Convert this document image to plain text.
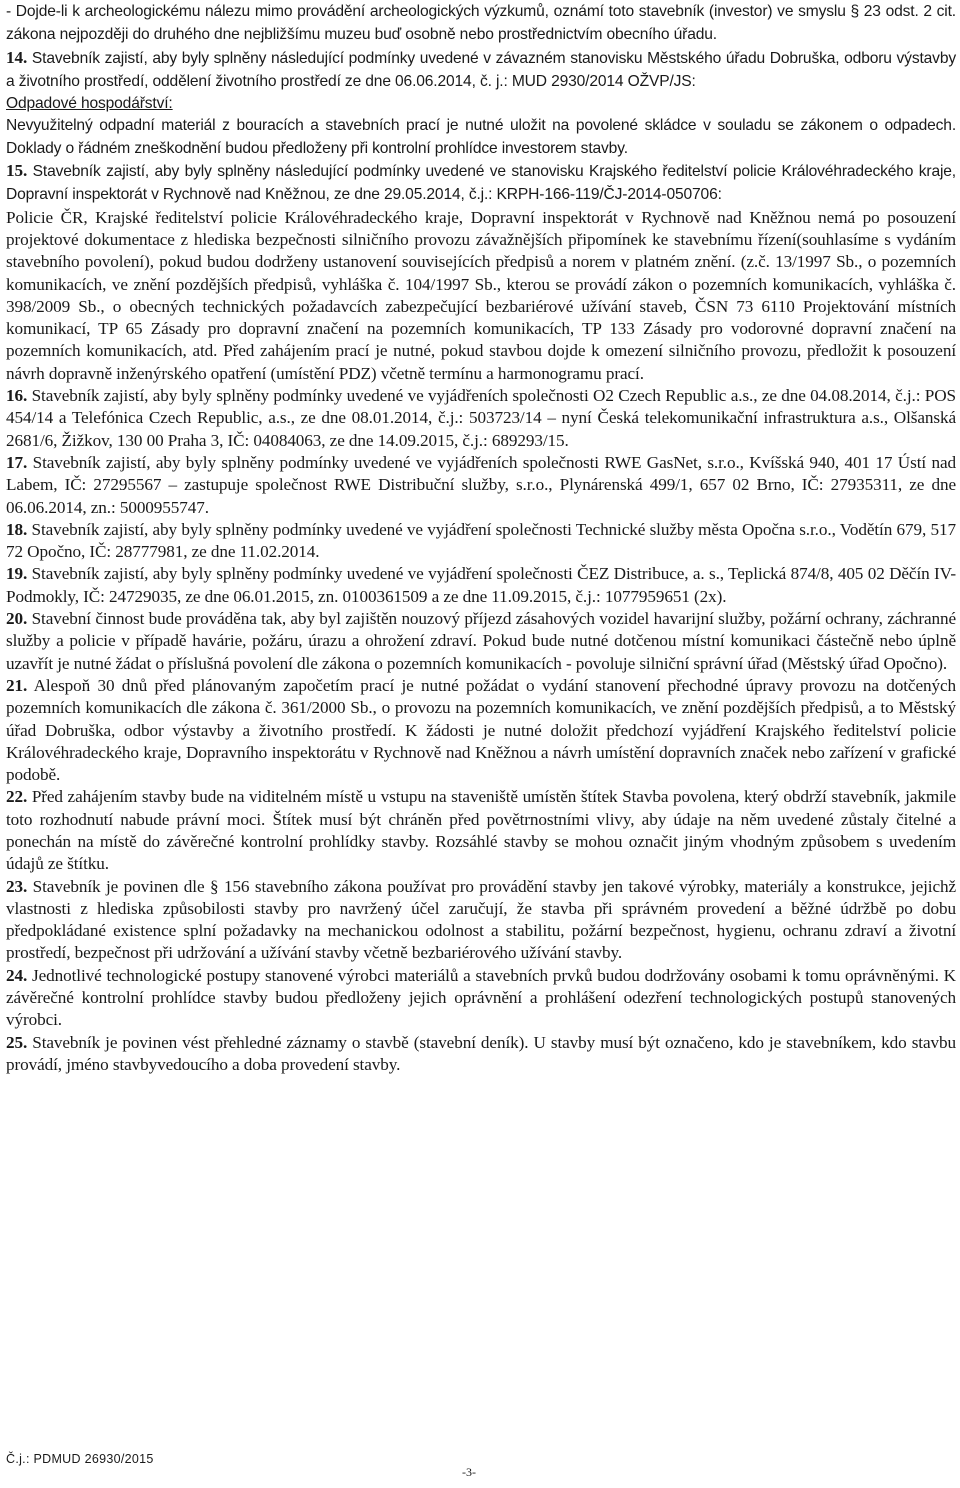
- Dojde-li k archeologickému nálezu mimo provádění archeologických výzkumů, oznámí toto stavebník (investor) ve smyslu § 23 odst. 2 cit. zákona nejpozději do druhého dne nejbližšímu muzeu buď osobně nebo prostřednictvím obecního úřadu.

14. Stavebník zajistí, aby byly splněny následující podmínky uvedené v závazném stanovisku Městského úřadu Dobruška, odboru výstavby a životního prostředí, oddělení životního prostředí ze dne 06.06.2014, č. j.: MUD 2930/2014 OŽVP/JS:

Odpadové hospodářství:

Nevyužitelný odpadní materiál z bouracích a stavebních prací je nutné uložit na povolené skládce v souladu se zákonem o odpadech. Doklady o řádném zneškodnění budou předloženy při kontrolní prohlídce investorem stavby.

15. Stavebník zajistí, aby byly splněny následující podmínky uvedené ve stanovisku Krajského ředitelství policie Královéhradeckého kraje, Dopravní inspektorát v Rychnově nad Kněžnou, ze dne 29.05.2014, č.j.: KRPH-166-119/ČJ-2014-050706:

Policie ČR, Krajské ředitelství policie Královéhradeckého kraje, Dopravní inspektorát v Rychnově nad Kněžnou nemá po posouzení projektové dokumentace z hlediska bezpečnosti silničního provozu závažnějších připomínek ke stavebnímu řízení(souhlasíme s vydáním stavebního povolení), pokud budou dodrženy ustanovení souvisejících předpisů a norem v platném znění. (z.č. 13/1997 Sb., o pozemních komunikacích, ve znění pozdějších předpisů, vyhláška č. 104/1997 Sb., kterou se provádí zákon o pozemních komunikacích, vyhláška č. 398/2009 Sb., o obecných technických požadavcích zabezpečující bezbariérové užívání staveb, ČSN 73 6110 Projektování místních komunikací, TP 65 Zásady pro dopravní značení na pozemních komunikacích, TP 133 Zásady pro vodorovné dopravní značení na pozemních komunikacích, atd. Před zahájením prací je nutné, pokud stavbou dojde k omezení silničního provozu, předložit k posouzení návrh dopravně inženýrského opatření (umístění PDZ) včetně termínu a harmonogramu prací.

16. Stavebník zajistí, aby byly splněny podmínky uvedené ve vyjádřeních společnosti O2 Czech Republic a.s., ze dne 04.08.2014, č.j.: POS 454/14 a Telefónica Czech Republic, a.s., ze dne 08.01.2014, č.j.: 503723/14 – nyní Česká telekomunikační infrastruktura a.s., Olšanská 2681/6, Žižkov, 130 00 Praha 3, IČ: 04084063, ze dne 14.09.2015, č.j.: 689293/15.

17. Stavebník zajistí, aby byly splněny podmínky uvedené ve vyjádřeních společnosti RWE GasNet, s.r.o., Kvíšská 940, 401 17 Ústí nad Labem, IČ: 27295567 – zastupuje společnost RWE Distribuční služby, s.r.o., Plynárenská 499/1, 657 02 Brno, IČ: 27935311, ze dne 06.06.2014, zn.: 5000955747.

18. Stavebník zajistí, aby byly splněny podmínky uvedené ve vyjádření společnosti Technické služby města Opočna s.r.o., Vodětín 679, 517 72 Opočno, IČ: 28777981, ze dne 11.02.2014.

19. Stavebník zajistí, aby byly splněny podmínky uvedené ve vyjádření společnosti ČEZ Distribuce, a. s., Teplická 874/8, 405 02 Děčín IV-Podmokly, IČ: 24729035, ze dne 06.01.2015, zn. 0100361509 a ze dne 11.09.2015, č.j.: 1077959651 (2x).

20. Stavební činnost bude prováděna tak, aby byl zajištěn nouzový příjezd zásahových vozidel havarijní služby, požární ochrany, záchranné služby a policie v případě havárie, požáru, úrazu a ohrožení zdraví. Pokud bude nutné dotčenou místní komunikaci částečně nebo úplně uzavřít je nutné žádat o příslušná povolení dle zákona o pozemních komunikacích - povoluje silniční správní úřad (Městský úřad Opočno).

21. Alespoň 30 dnů před plánovaným započetím prací je nutné požádat o vydání stanovení přechodné úpravy provozu na dotčených pozemních komunikacích dle zákona č. 361/2000 Sb., o provozu na pozemních komunikacích, ve znění pozdějších předpisů, a to Městský úřad Dobruška, odbor výstavby a životního prostředí. K žádosti je nutné doložit předchozí vyjádření Krajského ředitelství policie Královéhradeckého kraje, Dopravního inspektorátu v Rychnově nad Kněžnou a návrh umístění dopravních značek nebo zařízení v grafické podobě.

22. Před zahájením stavby bude na viditelném místě u vstupu na staveniště umístěn štítek Stavba povolena, který obdrží stavebník, jakmile toto rozhodnutí nabude právní moci. Štítek musí být chráněn před povětrnostními vlivy, aby údaje na něm uvedené zůstaly čitelné a ponechán na místě do závěrečné kontrolní prohlídky stavby. Rozsáhlé stavby se mohou označit jiným vhodným způsobem s uvedením údajů ze štítku.

23. Stavebník je povinen dle § 156 stavebního zákona používat pro provádění stavby jen takové výrobky, materiály a konstrukce, jejichž vlastnosti z hlediska způsobilosti stavby pro navržený účel zaručují, že stavba při správném provedení a běžné údržbě po dobu předpokládané existence splní požadavky na mechanickou odolnost a stabilitu, požární bezpečnost, hygienu, ochranu zdraví a životní prostředí, bezpečnost při udržování a užívání stavby včetně bezbariérového užívání stavby.

24. Jednotlivé technologické postupy stanovené výrobci materiálů a stavebních prvků budou dodržovány osobami k tomu oprávněnými. K závěrečné kontrolní prohlídce stavby budou předloženy jejich oprávnění a prohlášení odezření technologických postupů stanovených výrobci.

25. Stavebník je povinen vést přehledné záznamy o stavbě (stavební deník). U stavby musí být označeno, kdo je stavebníkem, kdo stavbu provádí, jméno stavbyvedoucího a doba provedení stavby.

Č.j.: PDMUD 26930/2015
-3-
